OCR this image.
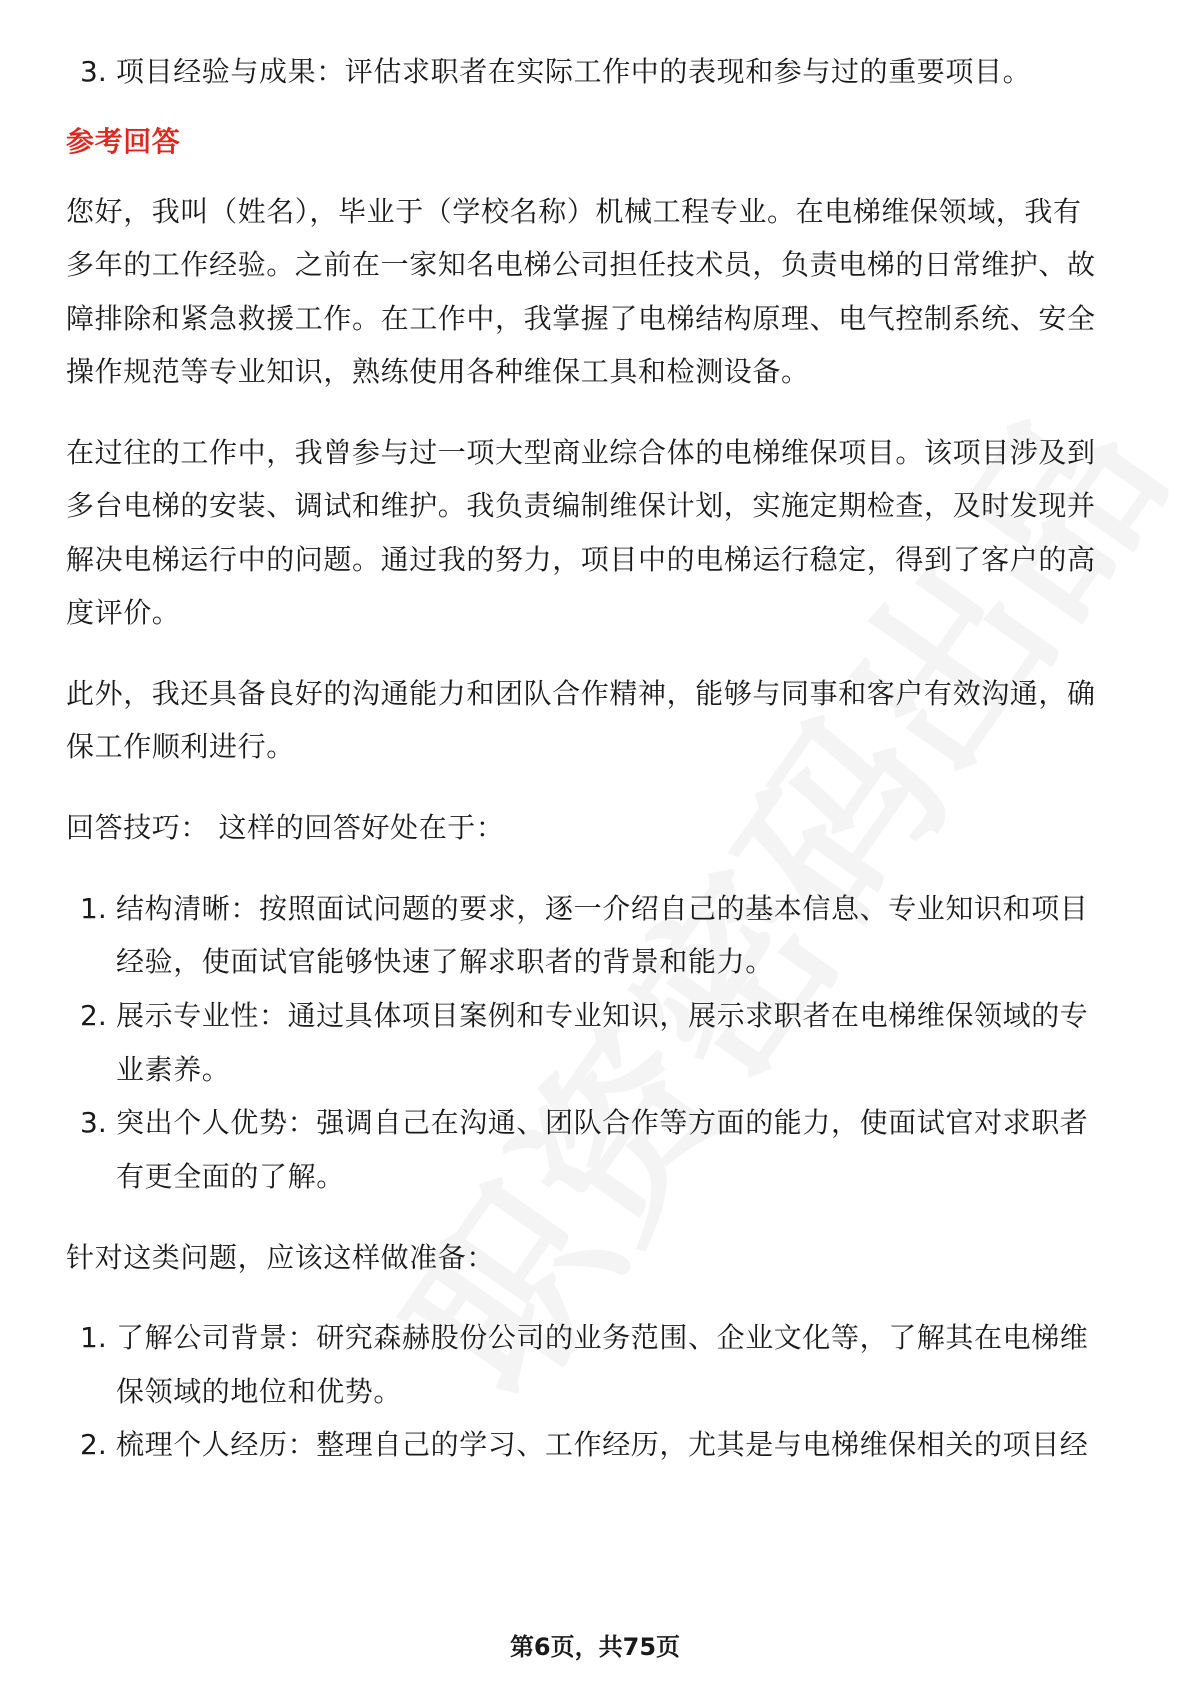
3. 项目经验与成果：评估求职者在实际工作中的表现和参与过的重要项目。
参考回答
您好，我叫（姓名），毕业于（学校名称）机械工程专业。在电梯维保领域，我有
多年的工作经验。之前在一家知名电梯公司担任技术员，负责电梯的日常维护、故
障排除和紧急救援工作。在工作中，我掌握了电梯结构原理、电气控制系统、安全
操作规范等专业知识，熟练使用各种维保工具和检测设备。
在过往的工作中，我曾参与过一项大型商业综合体的电梯维保项目。该项目涉及到
多台电梯的安装、调试和维护。我负责编制维保计划，实施定期检查，及时发现并
解决电梯运行中的问题。通过我的努力，项目中的电梯运行稳定，得到了客户的高
度评价。
此外，我还具备良好的沟通能力和团队合作精神，能够与同事和客户有效沟通，确
保工作顺利进行。
回答技巧： 这样的回答好处在于：
1. 结构清晰：按照面试问题的要求，逐一介绍自己的基本信息、专业知识和项目
经验，使面试官能够快速了解求职者的背景和能力。
2. 展示专业性：通过具体项目案例和专业知识，展示求职者在电梯维保领域的专
业素养。
3. 突出个人优势：强调自己在沟通、团队合作等方面的能力，使面试官对求职者
有更全面的了解。
针对这类问题，应该这样做准备：
1. 了解公司背景：研究森赫股份公司的业务范围、企业文化等，了解其在电梯维
保领域的地位和优势。
2. 梳理个人经历：整理自己的学习、工作经历，尤其是与电梯维保相关的项目经
第6页，共75页
